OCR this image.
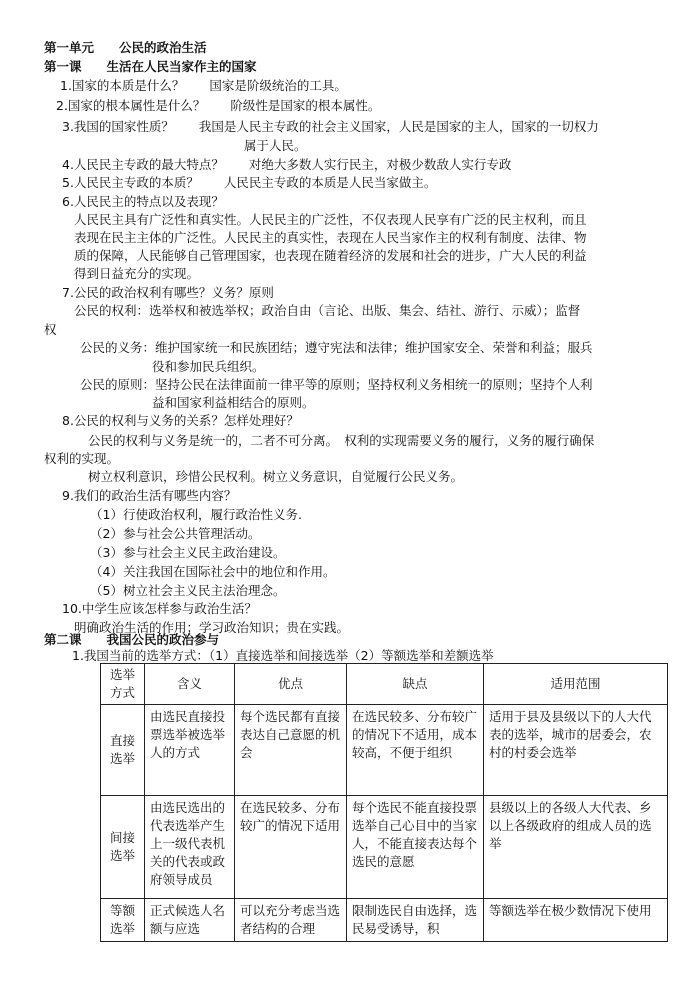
第一单元　　公民的政治生活
第一课　　生活在人民当家作主的国家
1.国家的本质是什么？　　国家是阶级统治的工具。
2.国家的根本属性是什么？　　阶级性是国家的根本属性。
3.我国的国家性质？　　我国是人民主专政的社会主义国家，人民是国家的主人，国家的一切权力
属于人民。
4.人民民主专政的最大特点？　　对绝大多数人实行民主，对极少数敌人实行专政
5.人民民主专政的本质？　　人民民主专政的本质是人民当家做主。
6.人民民主的特点以及表现？
人民民主具有广泛性和真实性。人民民主的广泛性，不仅表现人民享有广泛的民主权利，而且
表现在民主主体的广泛性。人民民主的真实性，表现在人民当家作主的权利有制度、法律、物
质的保障，人民能够自己管理国家，也表现在随着经济的发展和社会的进步，广大人民的利益
得到日益充分的实现。
7.公民的政治权利有哪些？义务？原则
公民的权利：选举权和被选举权；政治自由（言论、出版、集会、结社、游行、示威）；监督
权
公民的义务：维护国家统一和民族团结；遵守宪法和法律；维护国家安全、荣誉和利益；服兵
役和参加民兵组织。
公民的原则：坚持公民在法律面前一律平等的原则；坚持权利义务相统一的原则；坚持个人利
益和国家利益相结合的原则。
8.公民的权利与义务的关系？怎样处理好？
公民的权利与义务是统一的，二者不可分离。　权利的实现需要义务的履行，义务的履行确保
权利的实现。
树立权利意识，珍惜公民权利。树立义务意识，自觉履行公民义务。
9.我们的政治生活有哪些内容？
（1）行使政治权利，履行政治性义务.
（2）参与社会公共管理活动。
（3）参与社会主义民主政治建设。
（4）关注我国在国际社会中的地位和作用。
（5）树立社会主义民主法治理念。
10.中学生应该怎样参与政治生活？
明确政治生活的作用；学习政治知识；贵在实践。
第二课　　我国公民的政治参与
1.我国当前的选举方式：（1）直接选举和间接选举（2）等额选举和差额选举
选举方式	含义	优点	缺点	适用范围
直接选举	由选民直接投票选举被选举人的方式	每个选民都有直接表达自己意愿的机会	在选民较多、分布较广的情况下不适用，成本较高，不便于组织	适用于县及县级以下的人大代表的选举，城市的居委会，农村的村委会选举
间接选举	由选民选出的代表选举产生上一级代表机关的代表或政府领导成员	在选民较多、分布较广的情况下适用	每个选民不能直接投票选举自己心目中的当家人，不能直接表达每个选民的意愿	县级以上的各级人大代表、乡以上各级政府的组成人员的选举
等额选举	正式候选人名额与应选	可以充分考虑当选者结构的合理	限制选民自由选择，选民易受诱导，积	等额选举在极少数情况下使用
